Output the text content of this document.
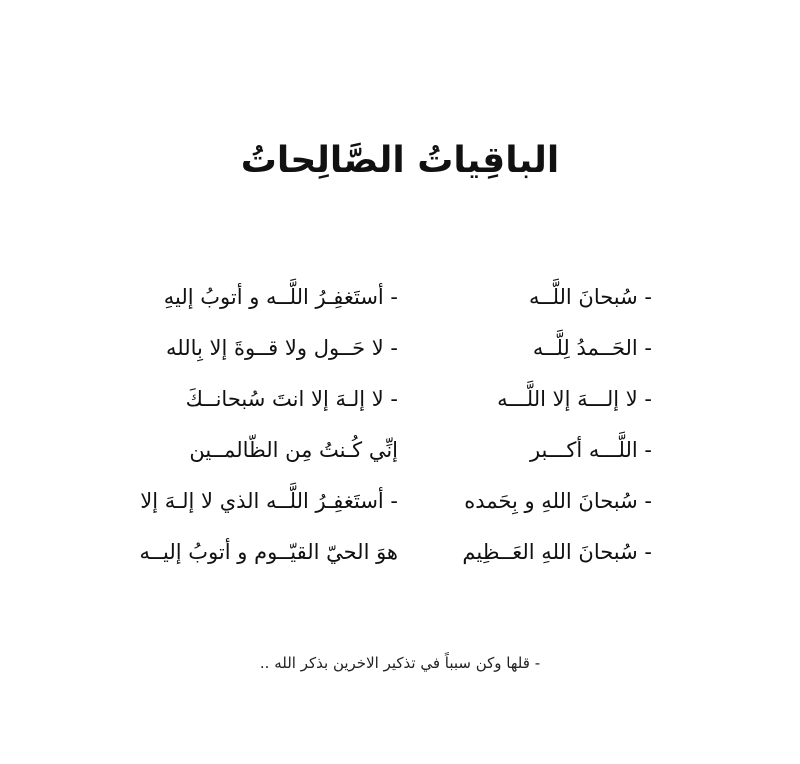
الباقِياتُ الصَّالِحاتُ
- سُبحانَ اللَّــه
- الحَــمدُ لِلَّــه
- لا إلـــهَ إلا اللَّـــه
- اللَّـــه أكـــبر
- سُبحانَ اللهِ و بِحَمده
- سُبحانَ اللهِ العَــظِيم
- أستَغفِـرُ اللَّــه و أتوبُ إليهِ
- لا حَــول ولا قــوةَ إلا بِالله
- لا إلـهَ إلا انتَ سُبحانــكَ
إنِّي كُـنتُ مِن الظّالمــين
- أستَغفِـرُ اللَّــه الذي لا إلـهَ إلا
هوَ الحيّ القيّــوم و أتوبُ إليــه
- قلها وكن سبباً في تذكير الاخرين بذكر الله ..
